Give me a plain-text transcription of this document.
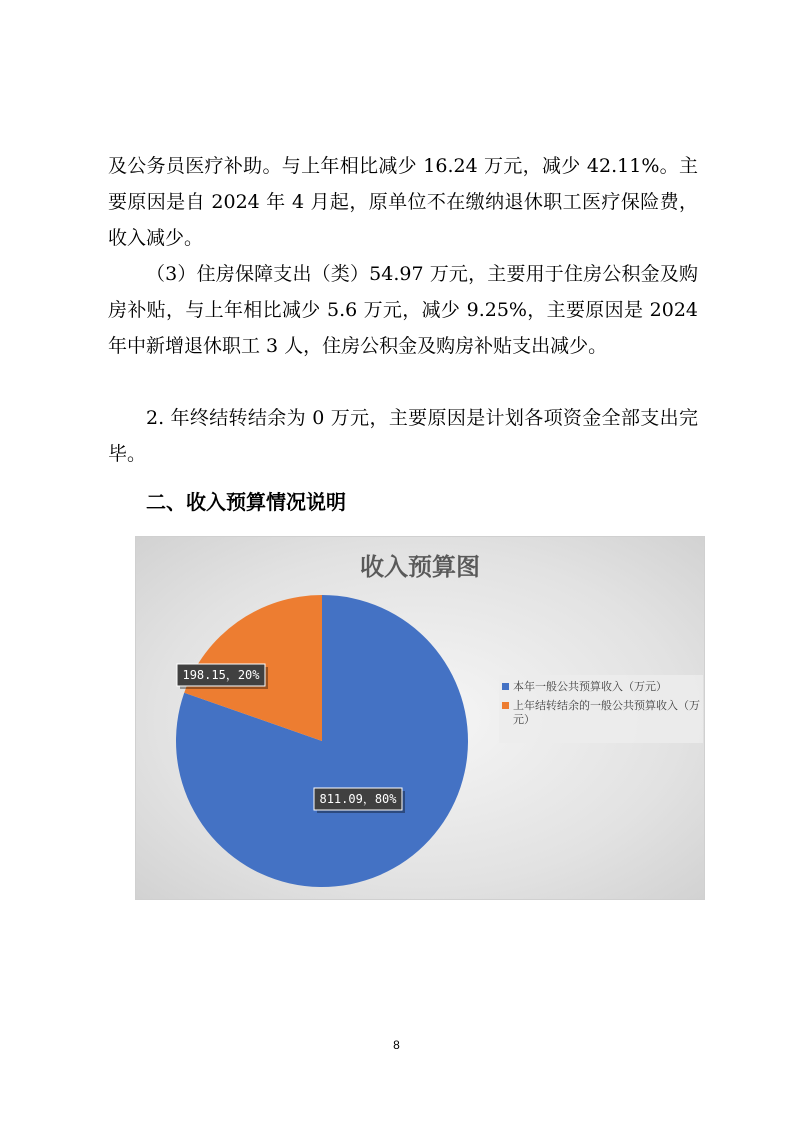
及公务员医疗补助。与上年相比减少 16.24 万元，减少 42.11%。主要原因是自 2024 年 4 月起，原单位不在缴纳退休职工医疗保险费，收入减少。

（3）住房保障支出（类）54.97 万元，主要用于住房公积金及购房补贴，与上年相比减少 5.6 万元，减少 9.25%，主要原因是 2024 年中新增退休职工 3 人，住房公积金及购房补贴支出减少。

2. 年终结转结余为 0 万元，主要原因是计划各项资金全部支出完毕。

二、收入预算情况说明
收入预算图
811.09，80%
198.15，20%
本年一般公共预算收入（万元）
上年结转结余的一般公共预算收入（万元）
8
